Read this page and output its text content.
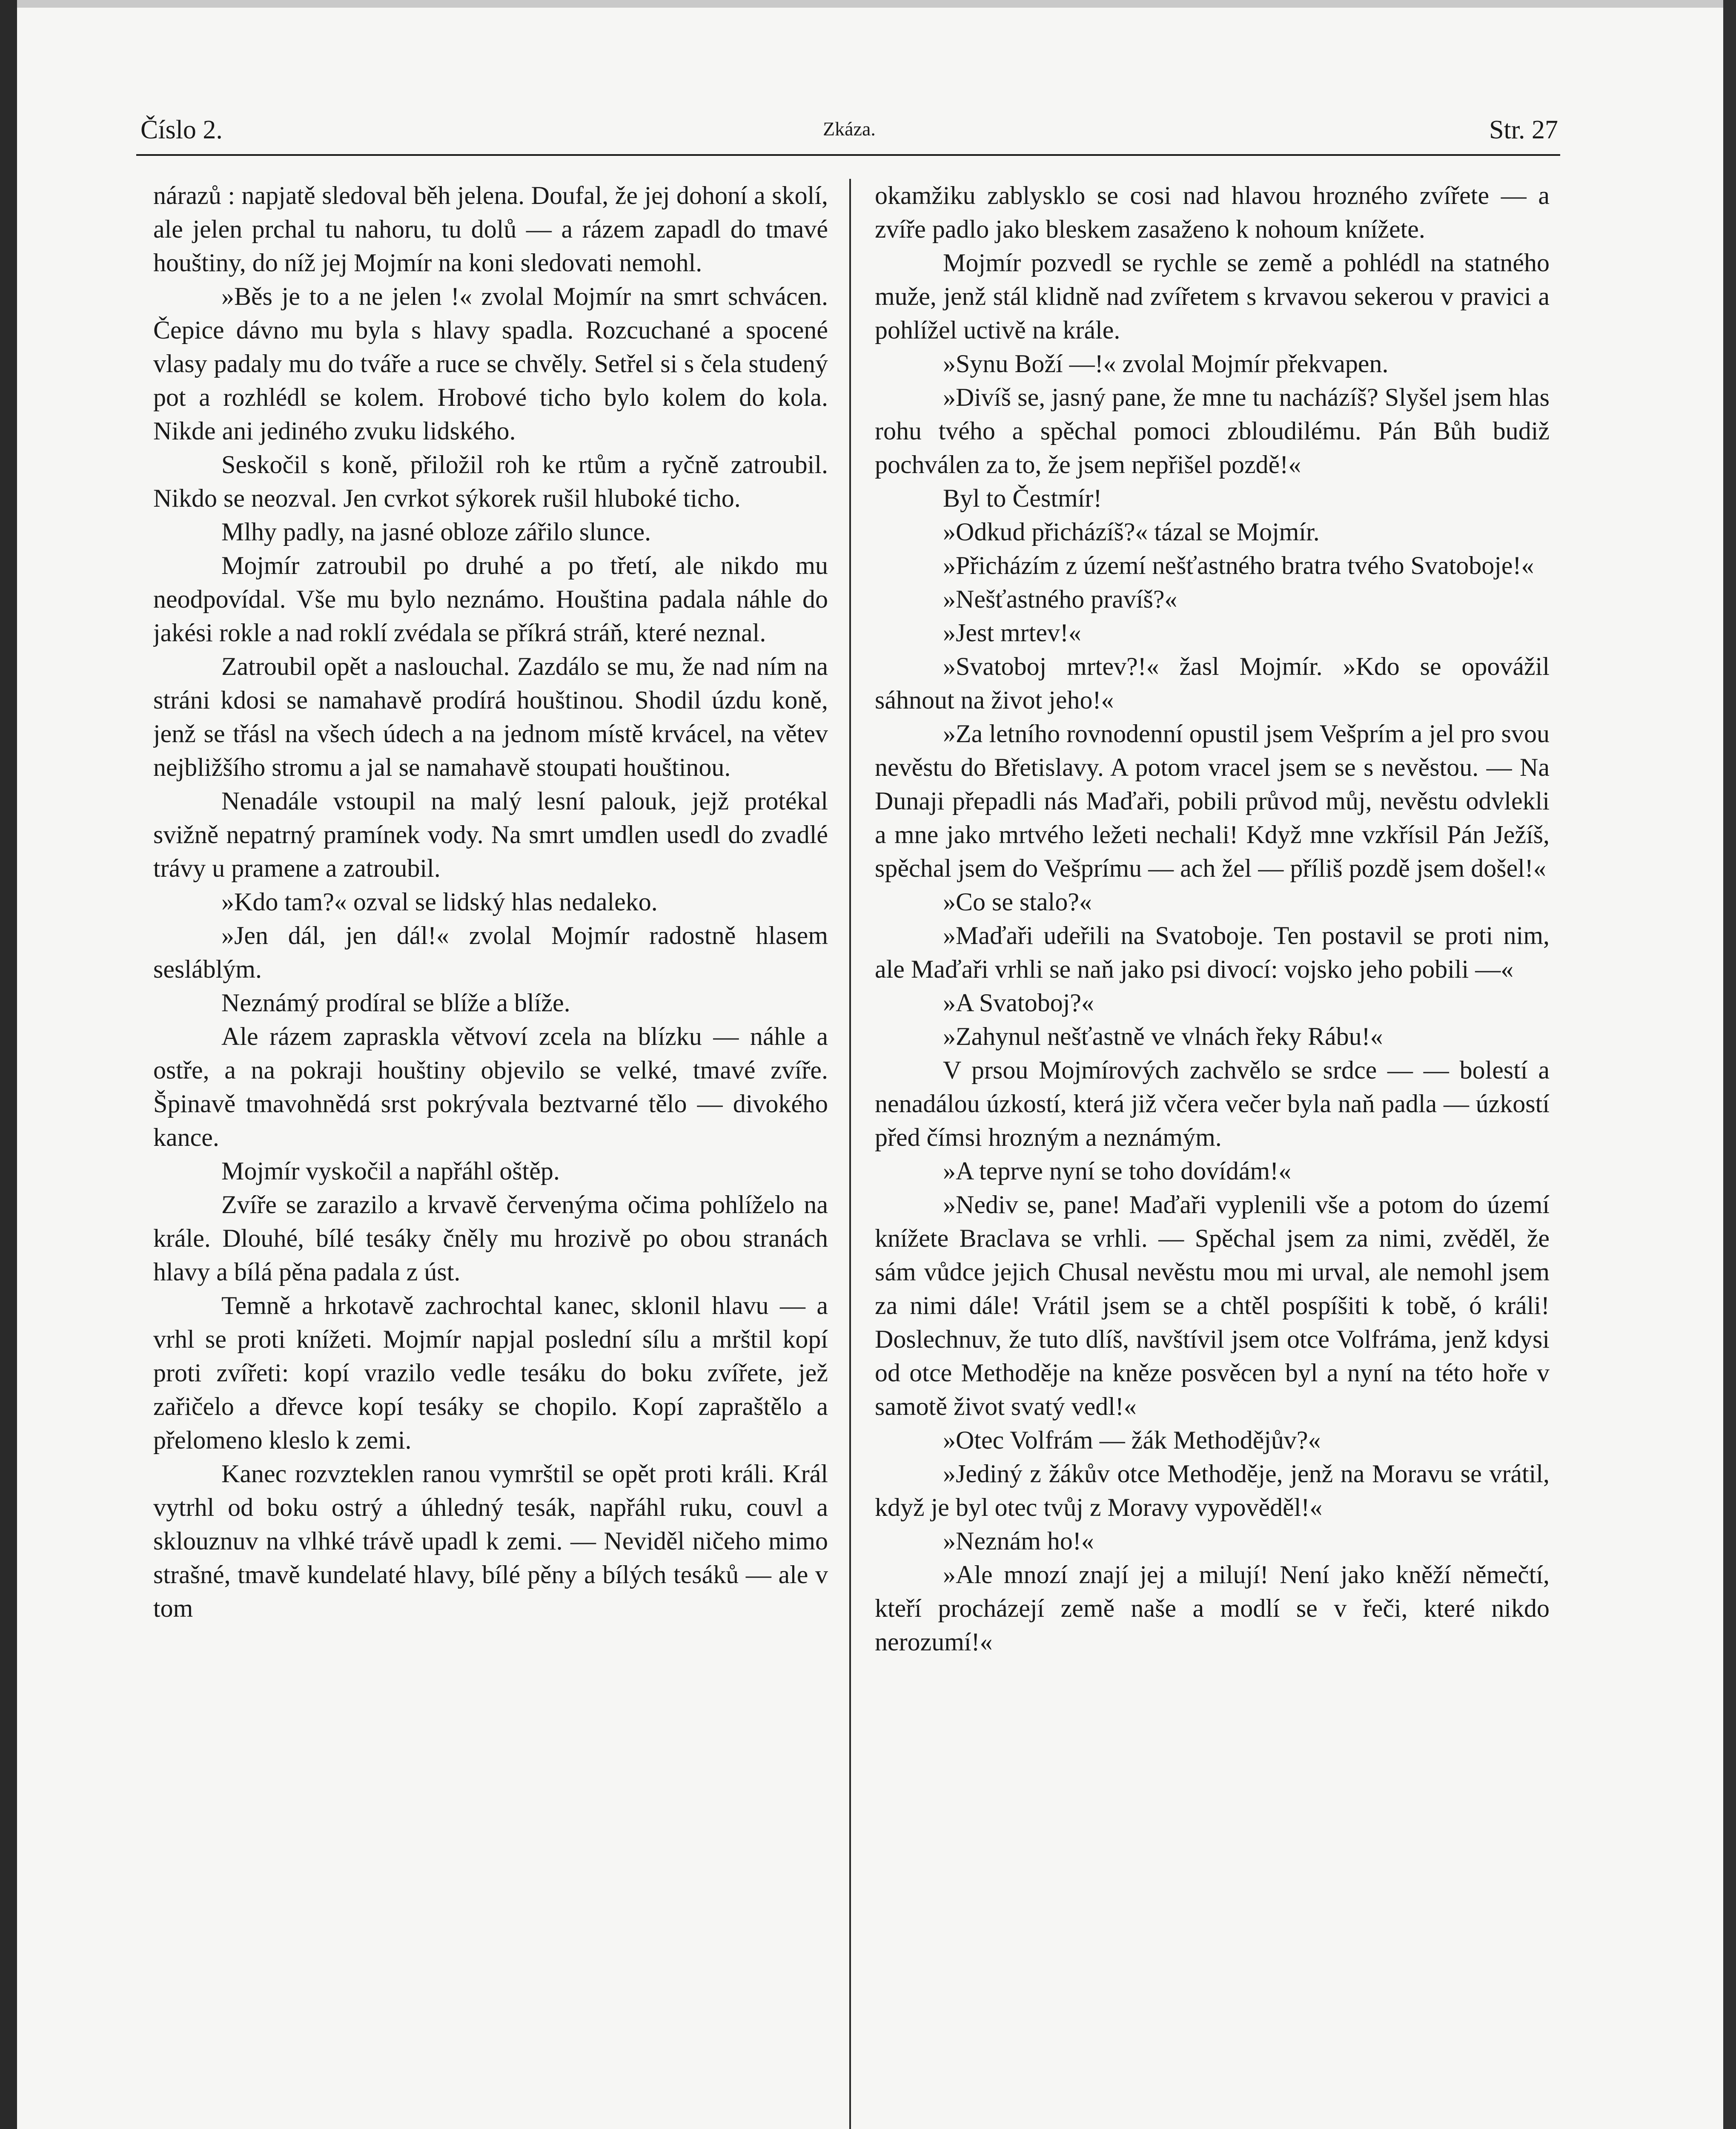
Číslo 2.	Zkáza.	Str. 27

nárazů : napjatě sledoval běh jelena. Doufal, že jej dohoní a skolí, ale jelen prchal tu nahoru, tu dolů — a rázem zapadl do tmavé houštiny, do níž jej Mojmír na koni sledovati nemohl.

»Běs je to a ne jelen !« zvolal Mojmír na smrt schvácen. Čepice dávno mu byla s hlavy spadla. Rozcuchané a spocené vlasy padaly mu do tváře a ruce se chvěly. Setřel si s čela studený pot a rozhlédl se kolem. Hrobové ticho bylo kolem do kola. Nikde ani jediného zvuku lidského.

Seskočil s koně, přiložil roh ke rtům a ryčně zatroubil. Nikdo se neozval. Jen cvrkot sýkorek rušil hluboké ticho.

Mlhy padly, na jasné obloze zářilo slunce.

Mojmír zatroubil po druhé a po třetí, ale nikdo mu neodpovídal. Vše mu bylo neznámo. Houština padala náhle do jakési rokle a nad roklí zvédala se příkrá stráň, které neznal.

Zatroubil opět a naslouchal. Zazdálo se mu, že nad ním na stráni kdosi se namahavě prodírá houštinou. Shodil úzdu koně, jenž se třásl na všech údech a na jednom místě krvácel, na větev nejbližšího stromu a jal se namahavě stoupati houštinou.

Nenadále vstoupil na malý lesní palouk, jejž protékal svižně nepatrný pramínek vody. Na smrt umdlen usedl do zvadlé trávy u pramene a zatroubil.

»Kdo tam?« ozval se lidský hlas nedaleko.

»Jen dál, jen dál!« zvolal Mojmír radostně hlasem sesláblým.

Neznámý prodíral se blíže a blíže.

Ale rázem zapraskla větvoví zcela na blízku — náhle a ostře, a na pokraji houštiny objevilo se velké, tmavé zvíře. Špinavě tmavohnědá srst pokrývala beztvarné tělo — divokého kance.

Mojmír vyskočil a napřáhl oštěp.

Zvíře se zarazilo a krvavě červenýma očima pohlíželo na krále. Dlouhé, bílé tesáky čněly mu hrozivě po obou stranách hlavy a bílá pěna padala z úst.

Temně a hrkotavě zachrochtal kanec, sklonil hlavu — a vrhl se proti knížeti. Mojmír napjal poslední sílu a mrštil kopí proti zvířeti: kopí vrazilo vedle tesáku do boku zvířete, jež zařičelo a dřevce kopí tesáky se chopilo. Kopí zapraštělo a přelomeno kleslo k zemi.

Kanec rozvzteklen ranou vymrštil se opět proti králi. Král vytrhl od boku ostrý a úhledný tesák, napřáhl ruku, couvl a sklouznuv na vlhké trávě upadl k zemi. — Neviděl ničeho mimo strašné, tmavě kundelaté hlavy, bílé pěny a bílých tesáků — ale v tom

okamžiku zablysklo se cosi nad hlavou hrozného zvířete — a zvíře padlo jako bleskem zasaženo k nohoum knížete.

Mojmír pozvedl se rychle se země a pohlédl na statného muže, jenž stál klidně nad zvířetem s krvavou sekerou v pravici a pohlížel uctivě na krále.

»Synu Boží —!« zvolal Mojmír překvapen.

»Divíš se, jasný pane, že mne tu nacházíš? Slyšel jsem hlas rohu tvého a spěchal pomoci zbloudilému. Pán Bůh budiž pochválen za to, že jsem nepřišel pozdě!«

Byl to Čestmír!

»Odkud přicházíš?« tázal se Mojmír.

»Přicházím z území nešťastného bratra tvého Svatoboje!«

»Nešťastného pravíš?«

»Jest mrtev!«

»Svatoboj mrtev?!« žasl Mojmír. »Kdo se opovážil sáhnout na život jeho!«

»Za letního rovnodenní opustil jsem Vešprím a jel pro svou nevěstu do Břetislavy. A potom vracel jsem se s nevěstou. — Na Dunaji přepadli nás Maďaři, pobili průvod můj, nevěstu odvlekli a mne jako mrtvého ležeti nechali! Když mne vzkřísil Pán Ježíš, spěchal jsem do Vešprímu — ach žel — příliš pozdě jsem došel!«

»Co se stalo?«

»Maďaři udeřili na Svatoboje. Ten postavil se proti nim, ale Maďaři vrhli se naň jako psi divocí: vojsko jeho pobili —«

»A Svatoboj?«

»Zahynul nešťastně ve vlnách řeky Rábu!«

V prsou Mojmírových zachvělo se srdce — — bolestí a nenadálou úzkostí, která již včera večer byla naň padla — úzkostí před čímsi hrozným a neznámým.

»A teprve nyní se toho dovídám!«

»Nediv se, pane! Maďaři vyplenili vše a potom do území knížete Braclava se vrhli. — Spěchal jsem za nimi, zvěděl, že sám vůdce jejich Chusal nevěstu mou mi urval, ale nemohl jsem za nimi dále! Vrátil jsem se a chtěl pospíšiti k tobě, ó králi! Doslechnuv, že tuto dlíš, navštívil jsem otce Volfráma, jenž kdysi od otce Methoděje na kněze posvěcen byl a nyní na této hoře v samotě život svatý vedl!«

»Otec Volfrám — žák Methodějův?«

»Jediný z žákův otce Methoděje, jenž na Moravu se vrátil, když je byl otec tvůj z Moravy vypověděl!«

»Neznám ho!«

»Ale mnozí znají jej a milují! Není jako kněží němečtí, kteří procházejí země naše a modlí se v řeči, které nikdo nerozumí!«
